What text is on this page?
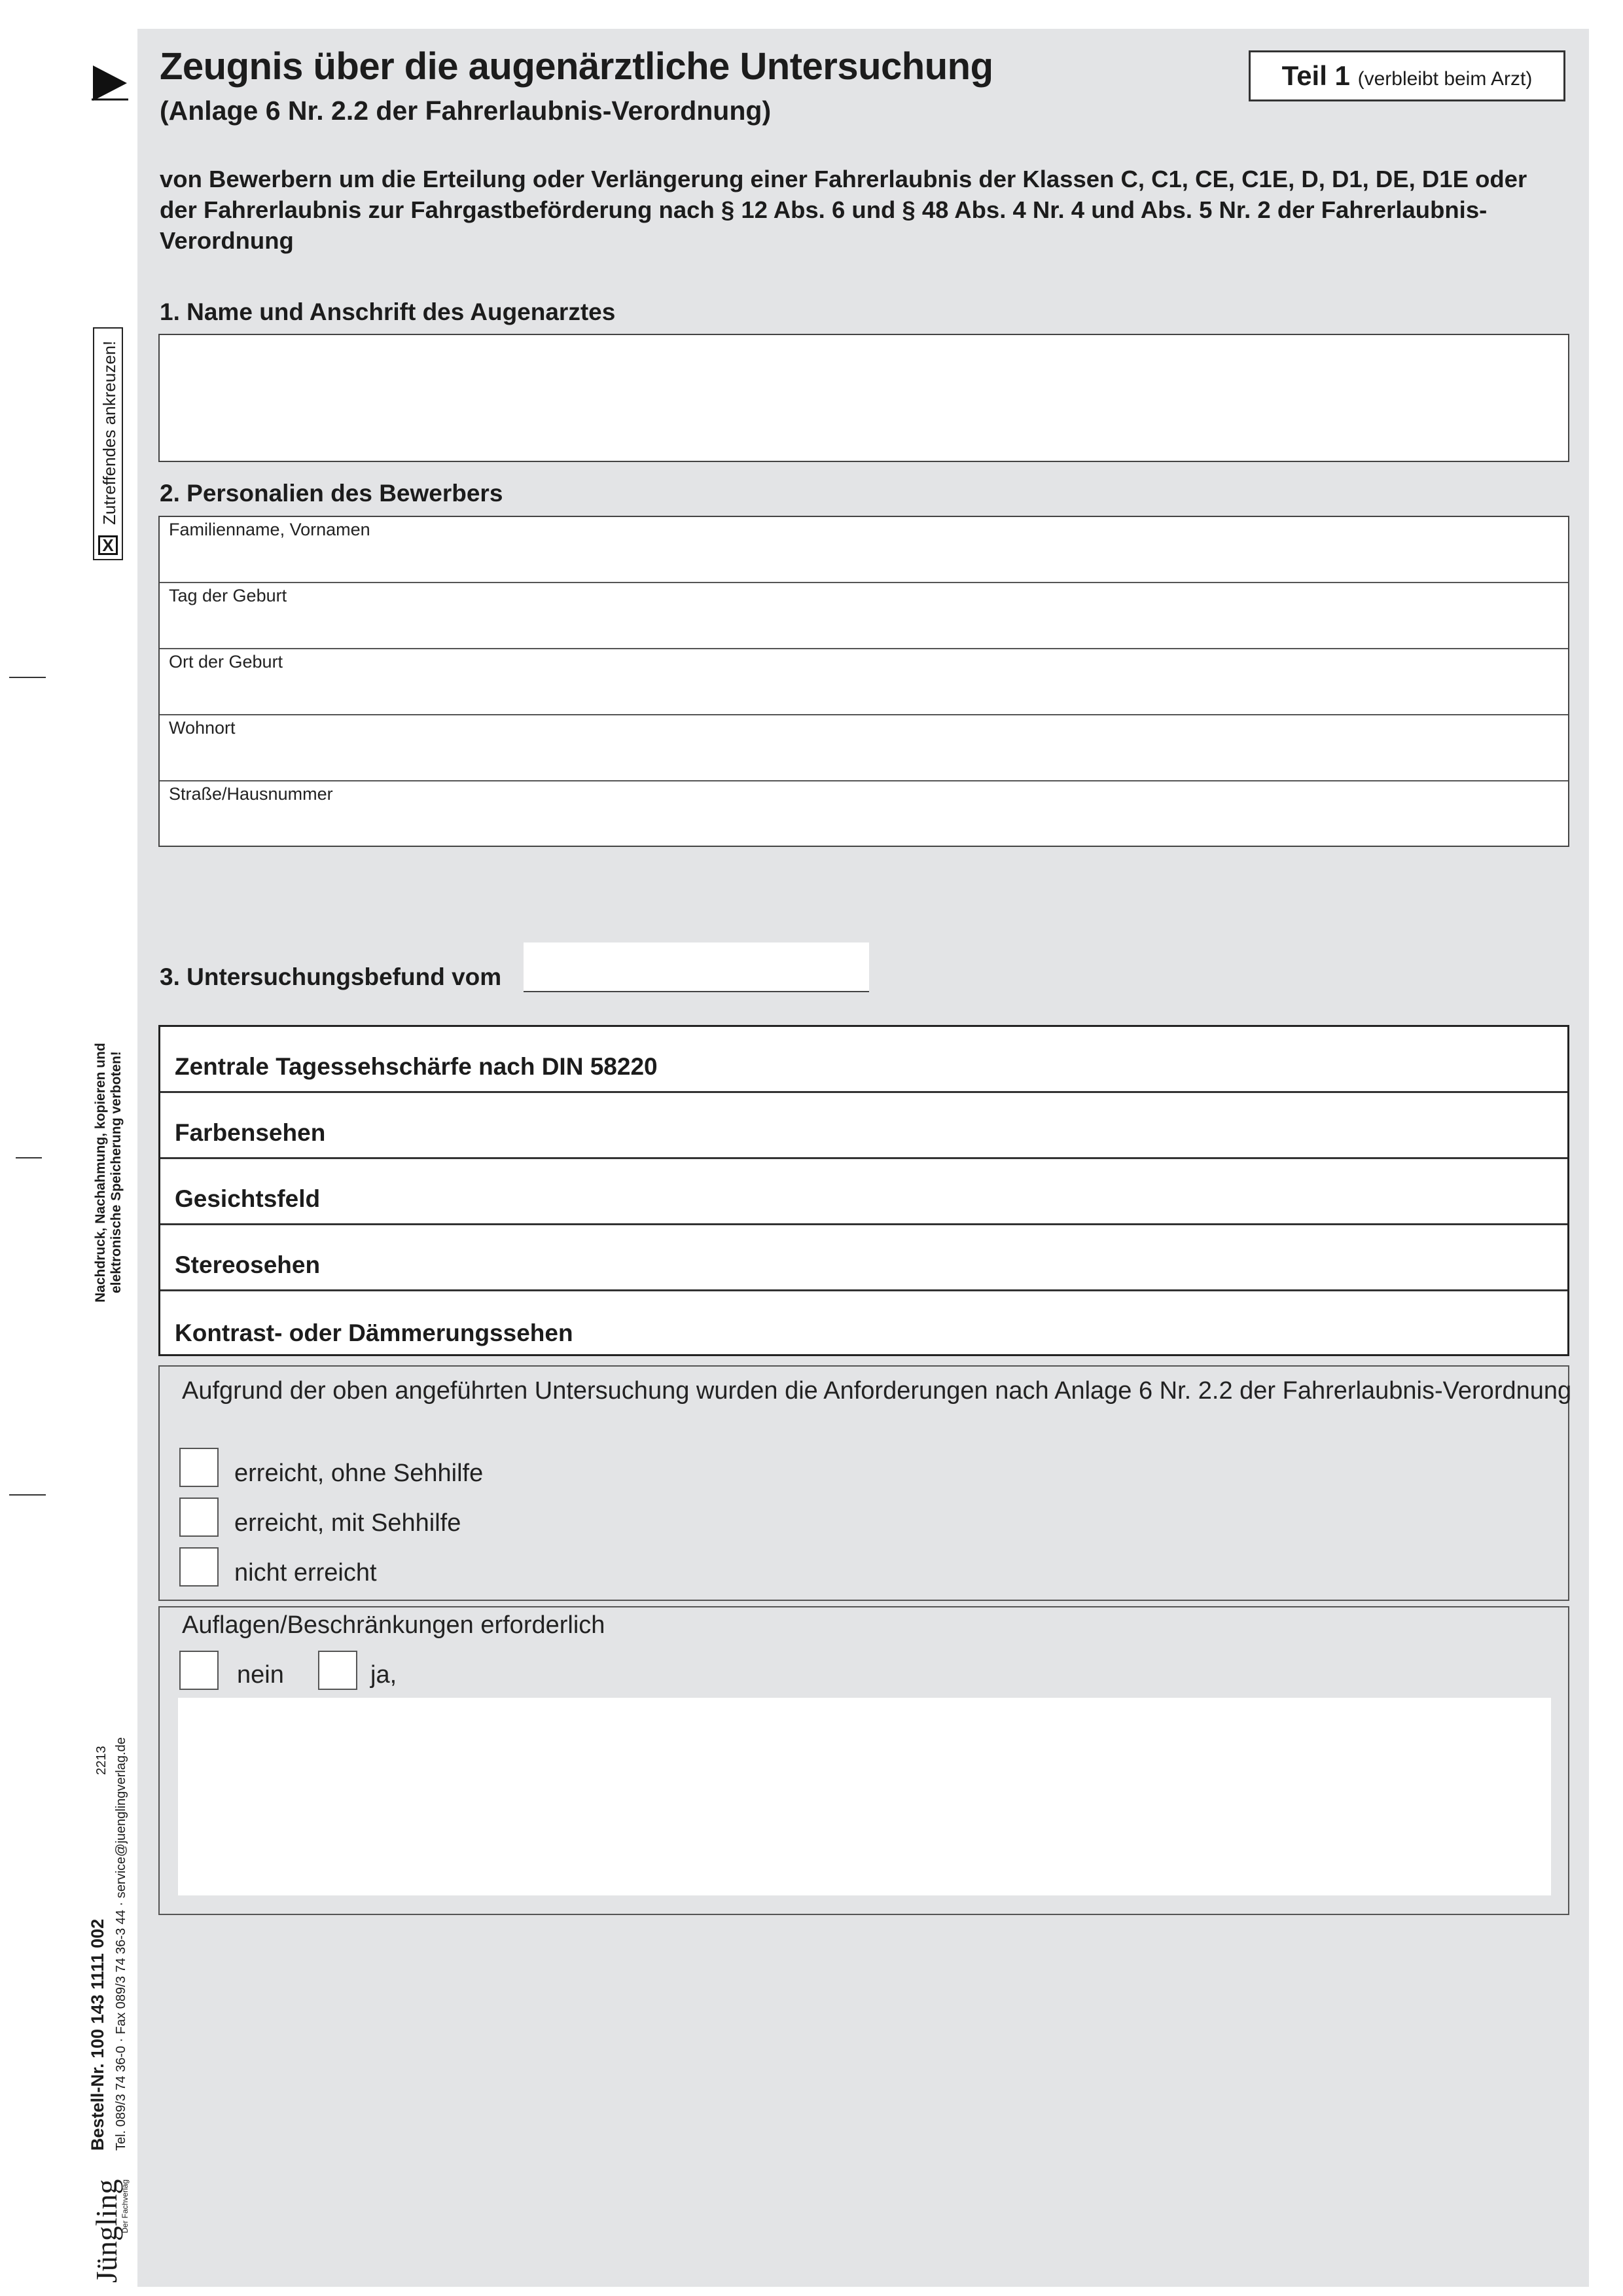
X
Zutreffendes ankreuzen!
Nachdruck, Nachahmung, kopieren und elektronische Speicherung verboten!
Bestell-Nr. 100 143 1111 002 Tel. 089/3 74 36-0 · Fax 089/3 74 36-3 44 · service@juenglingverlag.de
2213
Jüngling
Der Fachverlag
Zeugnis über die augenärztliche Untersuchung
(Anlage 6 Nr. 2.2 der Fahrerlaubnis-Verordnung)
Teil 1 (verbleibt beim Arzt)
von Bewerbern um die Erteilung oder Verlängerung einer Fahrerlaubnis der Klassen C, C1, CE, C1E, D, D1, DE, D1E oder der Fahrerlaubnis zur Fahrgastbeförderung nach § 12 Abs. 6 und § 48 Abs. 4 Nr. 4 und Abs. 5 Nr. 2 der Fahrerlaubnis-Verordnung
1. Name und Anschrift des Augenarztes
2. Personalien des Bewerbers
Familienname, Vornamen
Tag der Geburt
Ort der Geburt
Wohnort
Straße/Hausnummer
3. Untersuchungsbefund vom
Zentrale Tagessehschärfe nach DIN 58220
Farbensehen
Gesichtsfeld
Stereosehen
Kontrast- oder Dämmerungssehen
Aufgrund der oben angeführten Untersuchung wurden die Anforderungen nach Anlage 6 Nr. 2.2 der Fahrerlaubnis-Verordnung
erreicht, ohne Sehhilfe
erreicht, mit Sehhilfe
nicht erreicht
Auflagen/Beschränkungen erforderlich
nein	ja,
